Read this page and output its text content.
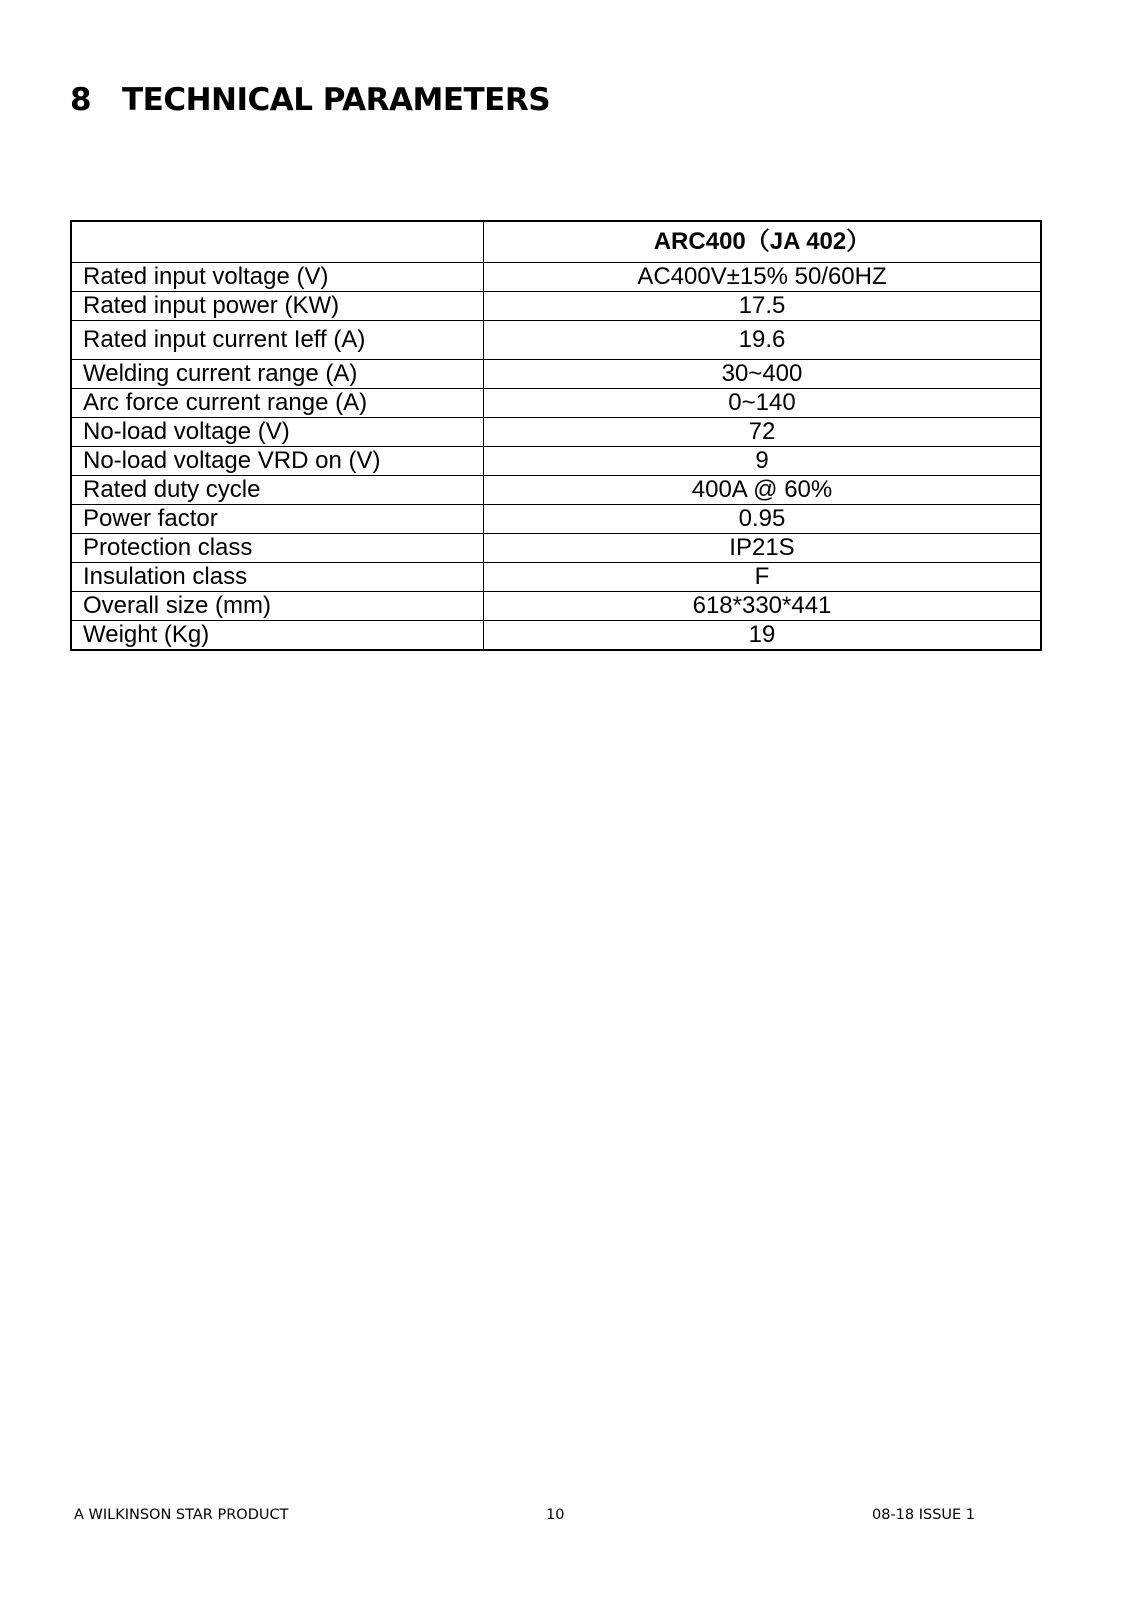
8 TECHNICAL PARAMETERS
	ARC400（JA 402）
Rated input voltage (V)	AC400V±15% 50/60HZ
Rated input power (KW)	17.5
Rated input current Ieff (A)	19.6
Welding current range (A)	30~400
Arc force current range (A)	0~140
No-load voltage (V)	72
No-load voltage VRD on (V)	9
Rated duty cycle	400A @ 60%
Power factor	0.95
Protection class	IP21S
Insulation class	F
Overall size (mm)	618*330*441
Weight (Kg)	19
A WILKINSON STAR PRODUCT	10	08-18 ISSUE 1
